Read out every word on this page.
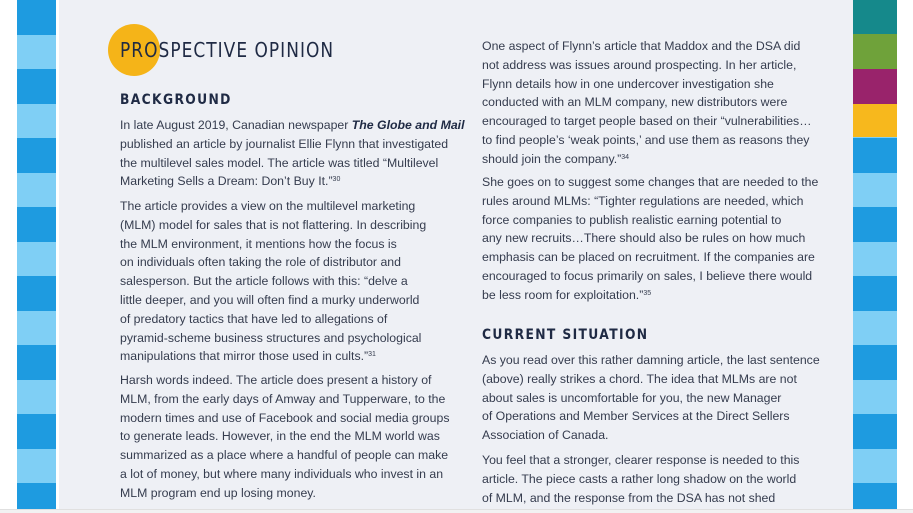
PROSPECTIVE OPINION
BACKGROUND

In late August 2019, Canadian newspaper The Globe and Mail
published an article by journalist Ellie Flynn that investigated
the multilevel sales model. The article was titled “Multilevel
Marketing Sells a Dream: Don’t Buy It.”$^{30}$

The article provides a view on the multilevel marketing
(MLM) model for sales that is not flattering. In describing
the MLM environment, it mentions how the focus is
on individuals often taking the role of distributor and
salesperson. But the article follows with this: “delve a
little deeper, and you will often find a murky underworld
of predatory tactics that have led to allegations of
pyramid-scheme business structures and psychological
manipulations that mirror those used in cults.”$^{31}$

Harsh words indeed. The article does present a history of
MLM, from the early days of Amway and Tupperware, to the
modern times and use of Facebook and social media groups
to generate leads. However, in the end the MLM world was
summarized as a place where a handful of people can make
a lot of money, but where many individuals who invest in an
MLM program end up losing money.

One aspect of Flynn’s article that Maddox and the DSA did
not address was issues around prospecting. In her article,
Flynn details how in one undercover investigation she
conducted with an MLM company, new distributors were
encouraged to target people based on their “vulnerabilities…
to find people’s ‘weak points,’ and use them as reasons they
should join the company.”$^{34}$

She goes on to suggest some changes that are needed to the
rules around MLMs: “Tighter regulations are needed, which
force companies to publish realistic earning potential to
any new recruits…There should also be rules on how much
emphasis can be placed on recruitment. If the companies are
encouraged to focus primarily on sales, I believe there would
be less room for exploitation.”$^{35}$

CURRENT SITUATION

As you read over this rather damning article, the last sentence
(above) really strikes a chord. The idea that MLMs are not
about sales is uncomfortable for you, the new Manager
of Operations and Member Services at the Direct Sellers
Association of Canada.

You feel that a stronger, clearer response is needed to this
article. The piece casts a rather long shadow on the world
of MLM, and the response from the DSA has not shed
